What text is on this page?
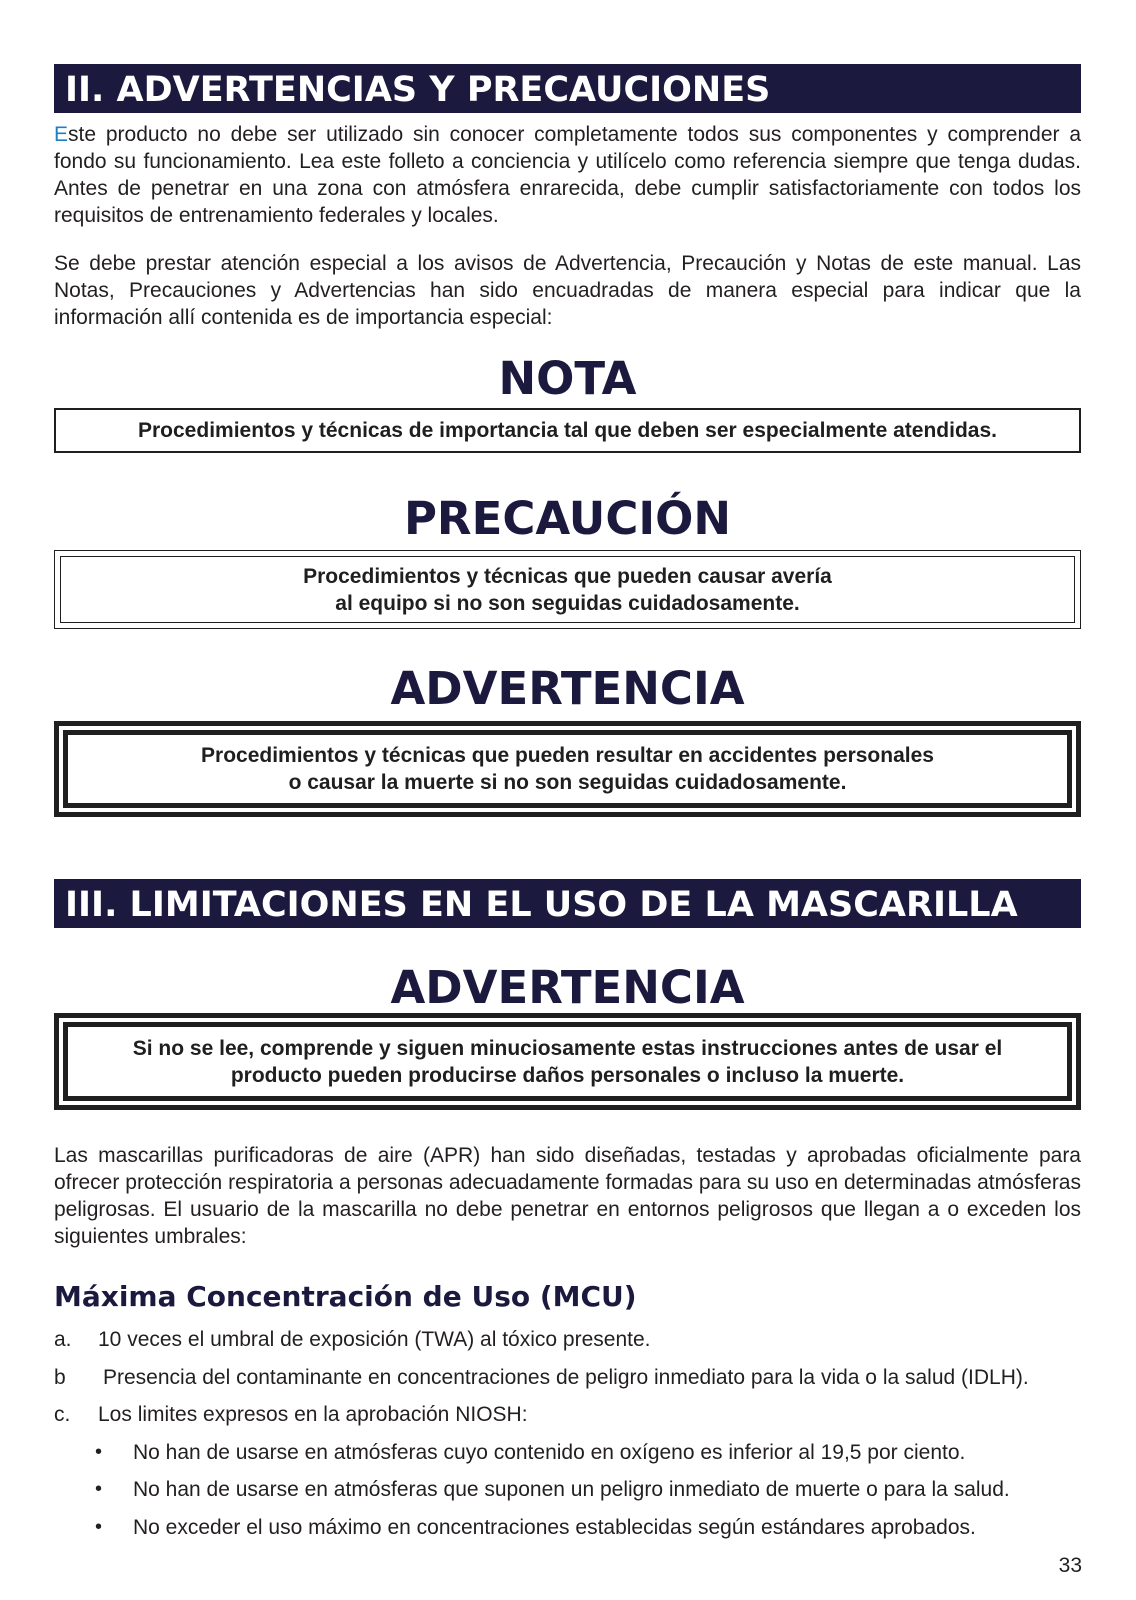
II. ADVERTENCIAS Y PRECAUCIONES

Este producto no debe ser utilizado sin conocer completamente todos sus componentes y comprender a fondo su funcionamiento. Lea este folleto a conciencia y utilícelo como referencia siempre que tenga dudas. Antes de penetrar en una zona con atmósfera enrarecida, debe cumplir satisfactoriamente con todos los requisitos de entrenamiento federales y locales.

Se debe prestar atención especial a los avisos de Advertencia, Precaución y Notas de este manual. Las Notas, Precauciones y Advertencias han sido encuadradas de manera especial para indicar que la información allí contenida es de importancia especial:

NOTA
Procedimientos y técnicas de importancia tal que deben ser especialmente atendidas.
PRECAUCIÓN
Procedimientos y técnicas que pueden causar avería
al equipo si no son seguidas cuidadosamente.
ADVERTENCIA
Procedimientos y técnicas que pueden resultar en accidentes personales
o causar la muerte si no son seguidas cuidadosamente.
III. LIMITACIONES EN EL USO DE LA MASCARILLA
ADVERTENCIA
Si no se lee, comprende y siguen minuciosamente estas instrucciones antes de usar el
producto pueden producirse daños personales o incluso la muerte.

Las mascarillas purificadoras de aire (APR) han sido diseñadas, testadas y aprobadas oficialmente para ofrecer protección respiratoria a personas adecuadamente formadas para su uso en determinadas atmósferas peligrosas. El usuario de la mascarilla no debe penetrar en entornos peligrosos que llegan a o exceden los siguientes umbrales:

Máxima Concentración de Uso (MCU)
a. 10 veces el umbral de exposición (TWA) al tóxico presente.
b Presencia del contaminante en concentraciones de peligro inmediato para la vida o la salud (IDLH).
c. Los limites expresos en la aprobación NIOSH:
• No han de usarse en atmósferas cuyo contenido en oxígeno es inferior al 19,5 por ciento.
• No han de usarse en atmósferas que suponen un peligro inmediato de muerte o para la salud.
• No exceder el uso máximo en concentraciones establecidas según estándares aprobados.
33
